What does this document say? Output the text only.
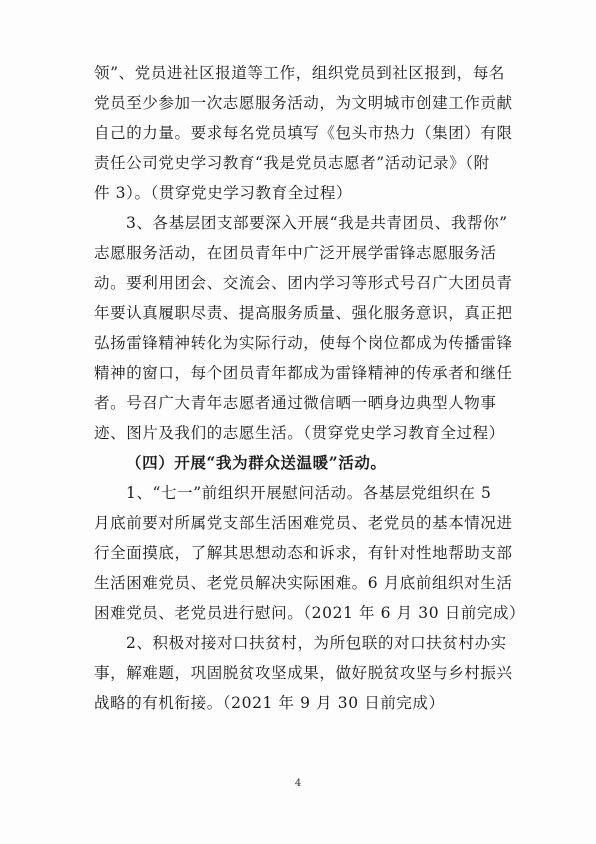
领”、党员进社区报道等工作，组织党员到社区报到，每名
党员至少参加一次志愿服务活动，为文明城市创建工作贡献
自己的力量。要求每名党员填写《包头市热力（集团）有限
责任公司党史学习教育“我是党员志愿者”活动记录》（附
件 3）。（贯穿党史学习教育全过程）
3、各基层团支部要深入开展“我是共青团员、我帮你”
志愿服务活动，在团员青年中广泛开展学雷锋志愿服务活
动。要利用团会、交流会、团内学习等形式号召广大团员青
年要认真履职尽责、提高服务质量、强化服务意识，真正把
弘扬雷锋精神转化为实际行动，使每个岗位都成为传播雷锋
精神的窗口，每个团员青年都成为雷锋精神的传承者和继任
者。号召广大青年志愿者通过微信晒一晒身边典型人物事
迹、图片及我们的志愿生活。（贯穿党史学习教育全过程）
（四）开展“我为群众送温暖”活动。
1、“七一”前组织开展慰问活动。各基层党组织在 5
月底前要对所属党支部生活困难党员、老党员的基本情况进
行全面摸底，了解其思想动态和诉求，有针对性地帮助支部
生活困难党员、老党员解决实际困难。6 月底前组织对生活
困难党员、老党员进行慰问。（2021 年 6 月 30 日前完成）
2、积极对接对口扶贫村，为所包联的对口扶贫村办实
事，解难题，巩固脱贫攻坚成果，做好脱贫攻坚与乡村振兴
战略的有机衔接。（2021 年 9 月 30 日前完成）
4
